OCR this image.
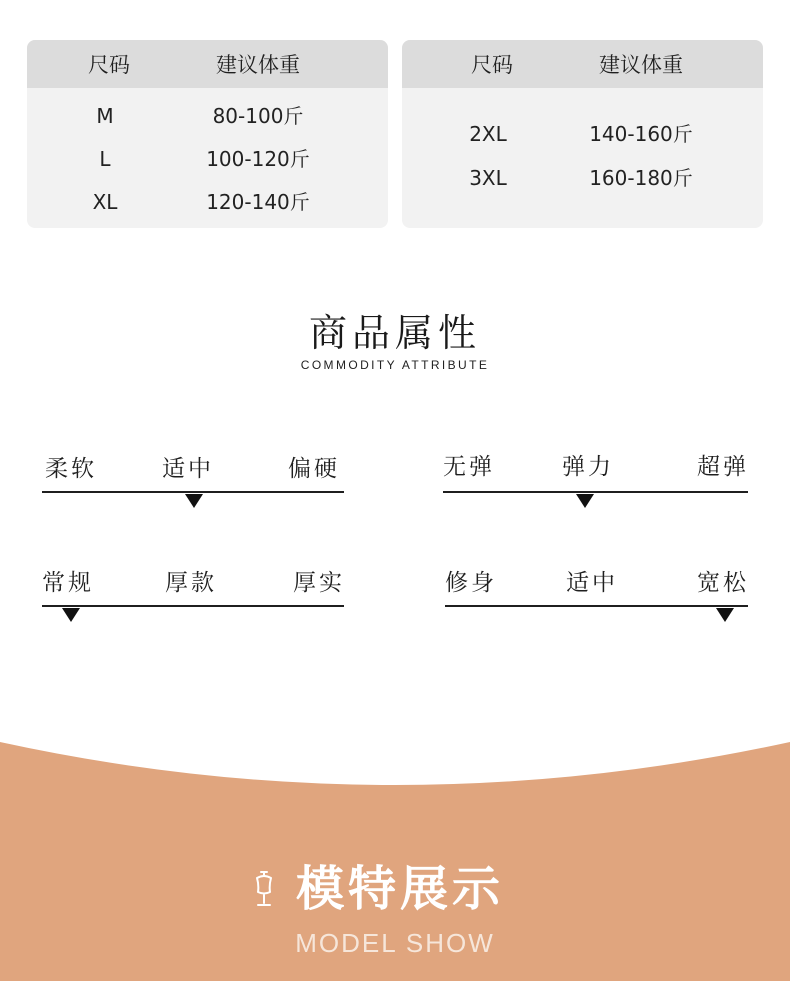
尺码	建议体重
M	80-100斤
L	100-120斤
XL	120-140斤
尺码	建议体重
2XL	140-160斤
3XL	160-180斤
商品属性
COMMODITY ATTRIBUTE
柔软	适中	偏硬	无弹	弹力	超弹
常规	厚款	厚实	修身	适中	宽松
模特展示
MODEL SHOW
